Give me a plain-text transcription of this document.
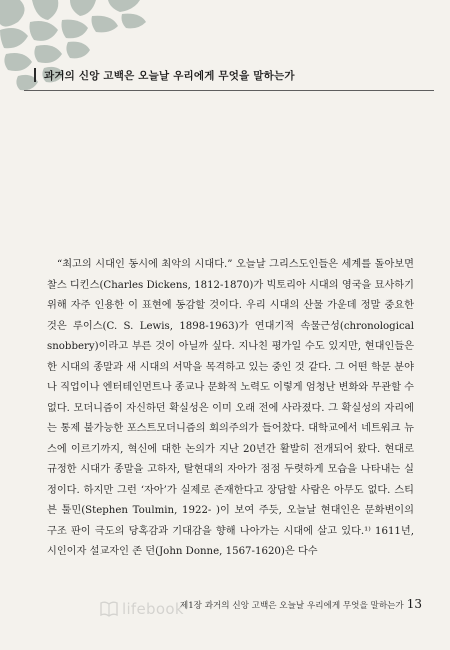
과거의 신앙 고백은 오늘날 우리에게 무엇을 말하는가

“최고의 시대인 동시에 최악의 시대다.” 오늘날 그리스도인들은 세계를 돌아보면 찰스 디킨스(Charles Dickens, 1812-1870)가 빅토리아 시대의 영국을 묘사하기 위해 자주 인용한 이 표현에 동감할 것이다. 우리 시대의 산물 가운데 정말 중요한 것은 루이스(C. S. Lewis, 1898-1963)가 연대기적 속물근성(chronological snobbery)이라고 부른 것이 아닐까 싶다. 지나친 평가일 수도 있지만, 현대인들은 한 시대의 종말과 새 시대의 서막을 목격하고 있는 중인 것 같다. 그 어떤 학문 분야나 직업이나 엔터테인먼트나 종교나 문화적 노력도 이렇게 엄청난 변화와 무관할 수 없다. 모더니즘이 자신하던 확실성은 이미 오래 전에 사라졌다. 그 확실성의 자리에는 통제 불가능한 포스트모더니즘의 회의주의가 들어찼다. 대학교에서 네트워크 뉴스에 이르기까지, 혁신에 대한 논의가 지난 20년간 활발히 전개되어 왔다. 현대로 규정한 시대가 종말을 고하자, 탈현대의 자아가 점점 두렷하게 모습을 나타내는 실정이다. 하지만 그런 ‘자아’가 실제로 존재한다고 장담할 사람은 아무도 없다. 스티븐 툴민(Stephen Toulmin, 1922- )이 보여 주듯, 오늘날 현대인은 문화변이의 구조 판이 극도의 당혹감과 기대감을 향해 나아가는 시대에 살고 있다.¹⁾ 1611년, 시인이자 설교자인 존 던(John Donne, 1567-1620)은 다수

lifebook
제1장 과거의 신앙 고백은 오늘날 우리에게 무엇을 말하는가 13
